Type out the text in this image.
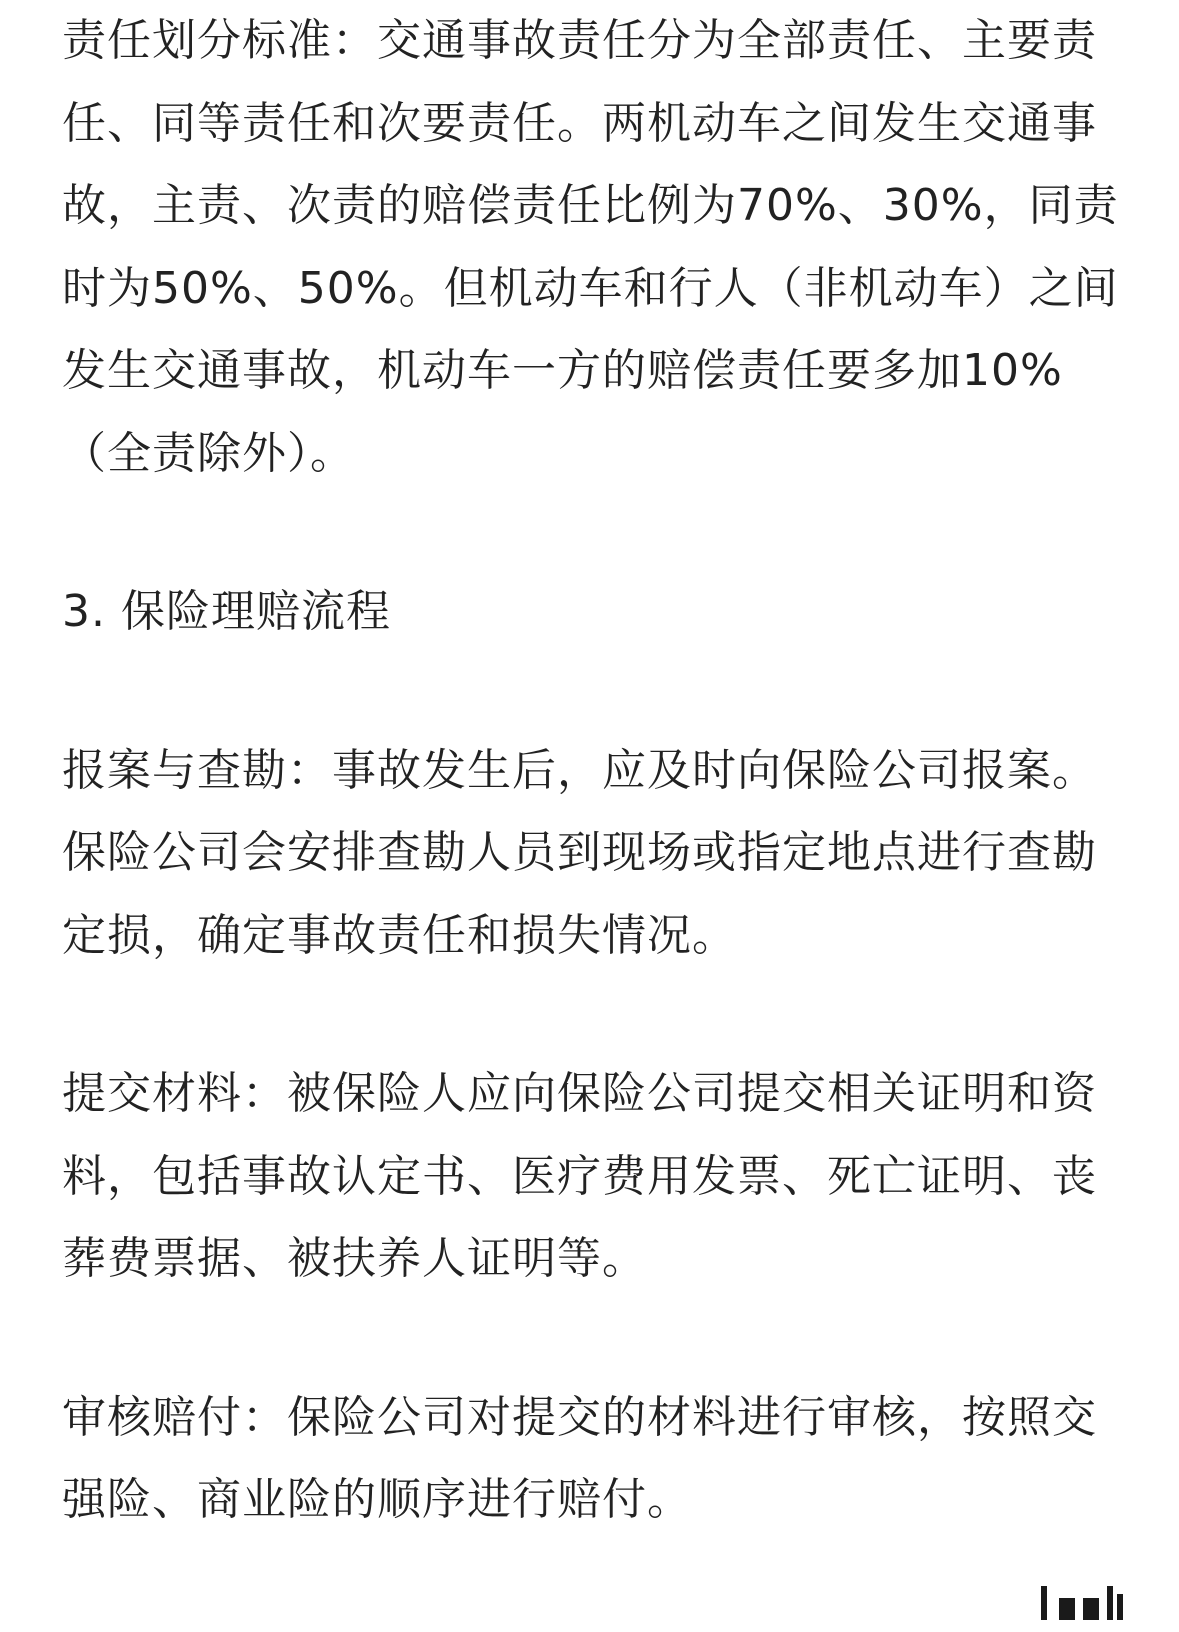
责任划分标准：交通事故责任分为全部责任、主要责任、同等责任和次要责任。两机动车之间发生交通事故，主责、次责的赔偿责任比例为70%、30%，同责时为50%、50%。但机动车和行人（非机动车）之间发生交通事故，机动车一方的赔偿责任要多加10%（全责除外）。

3. 保险理赔流程

报案与查勘：事故发生后，应及时向保险公司报案。保险公司会安排查勘人员到现场或指定地点进行查勘定损，确定事故责任和损失情况。

提交材料：被保险人应向保险公司提交相关证明和资料，包括事故认定书、医疗费用发票、死亡证明、丧葬费票据、被扶养人证明等。

审核赔付：保险公司对提交的材料进行审核，按照交强险、商业险的顺序进行赔付。
